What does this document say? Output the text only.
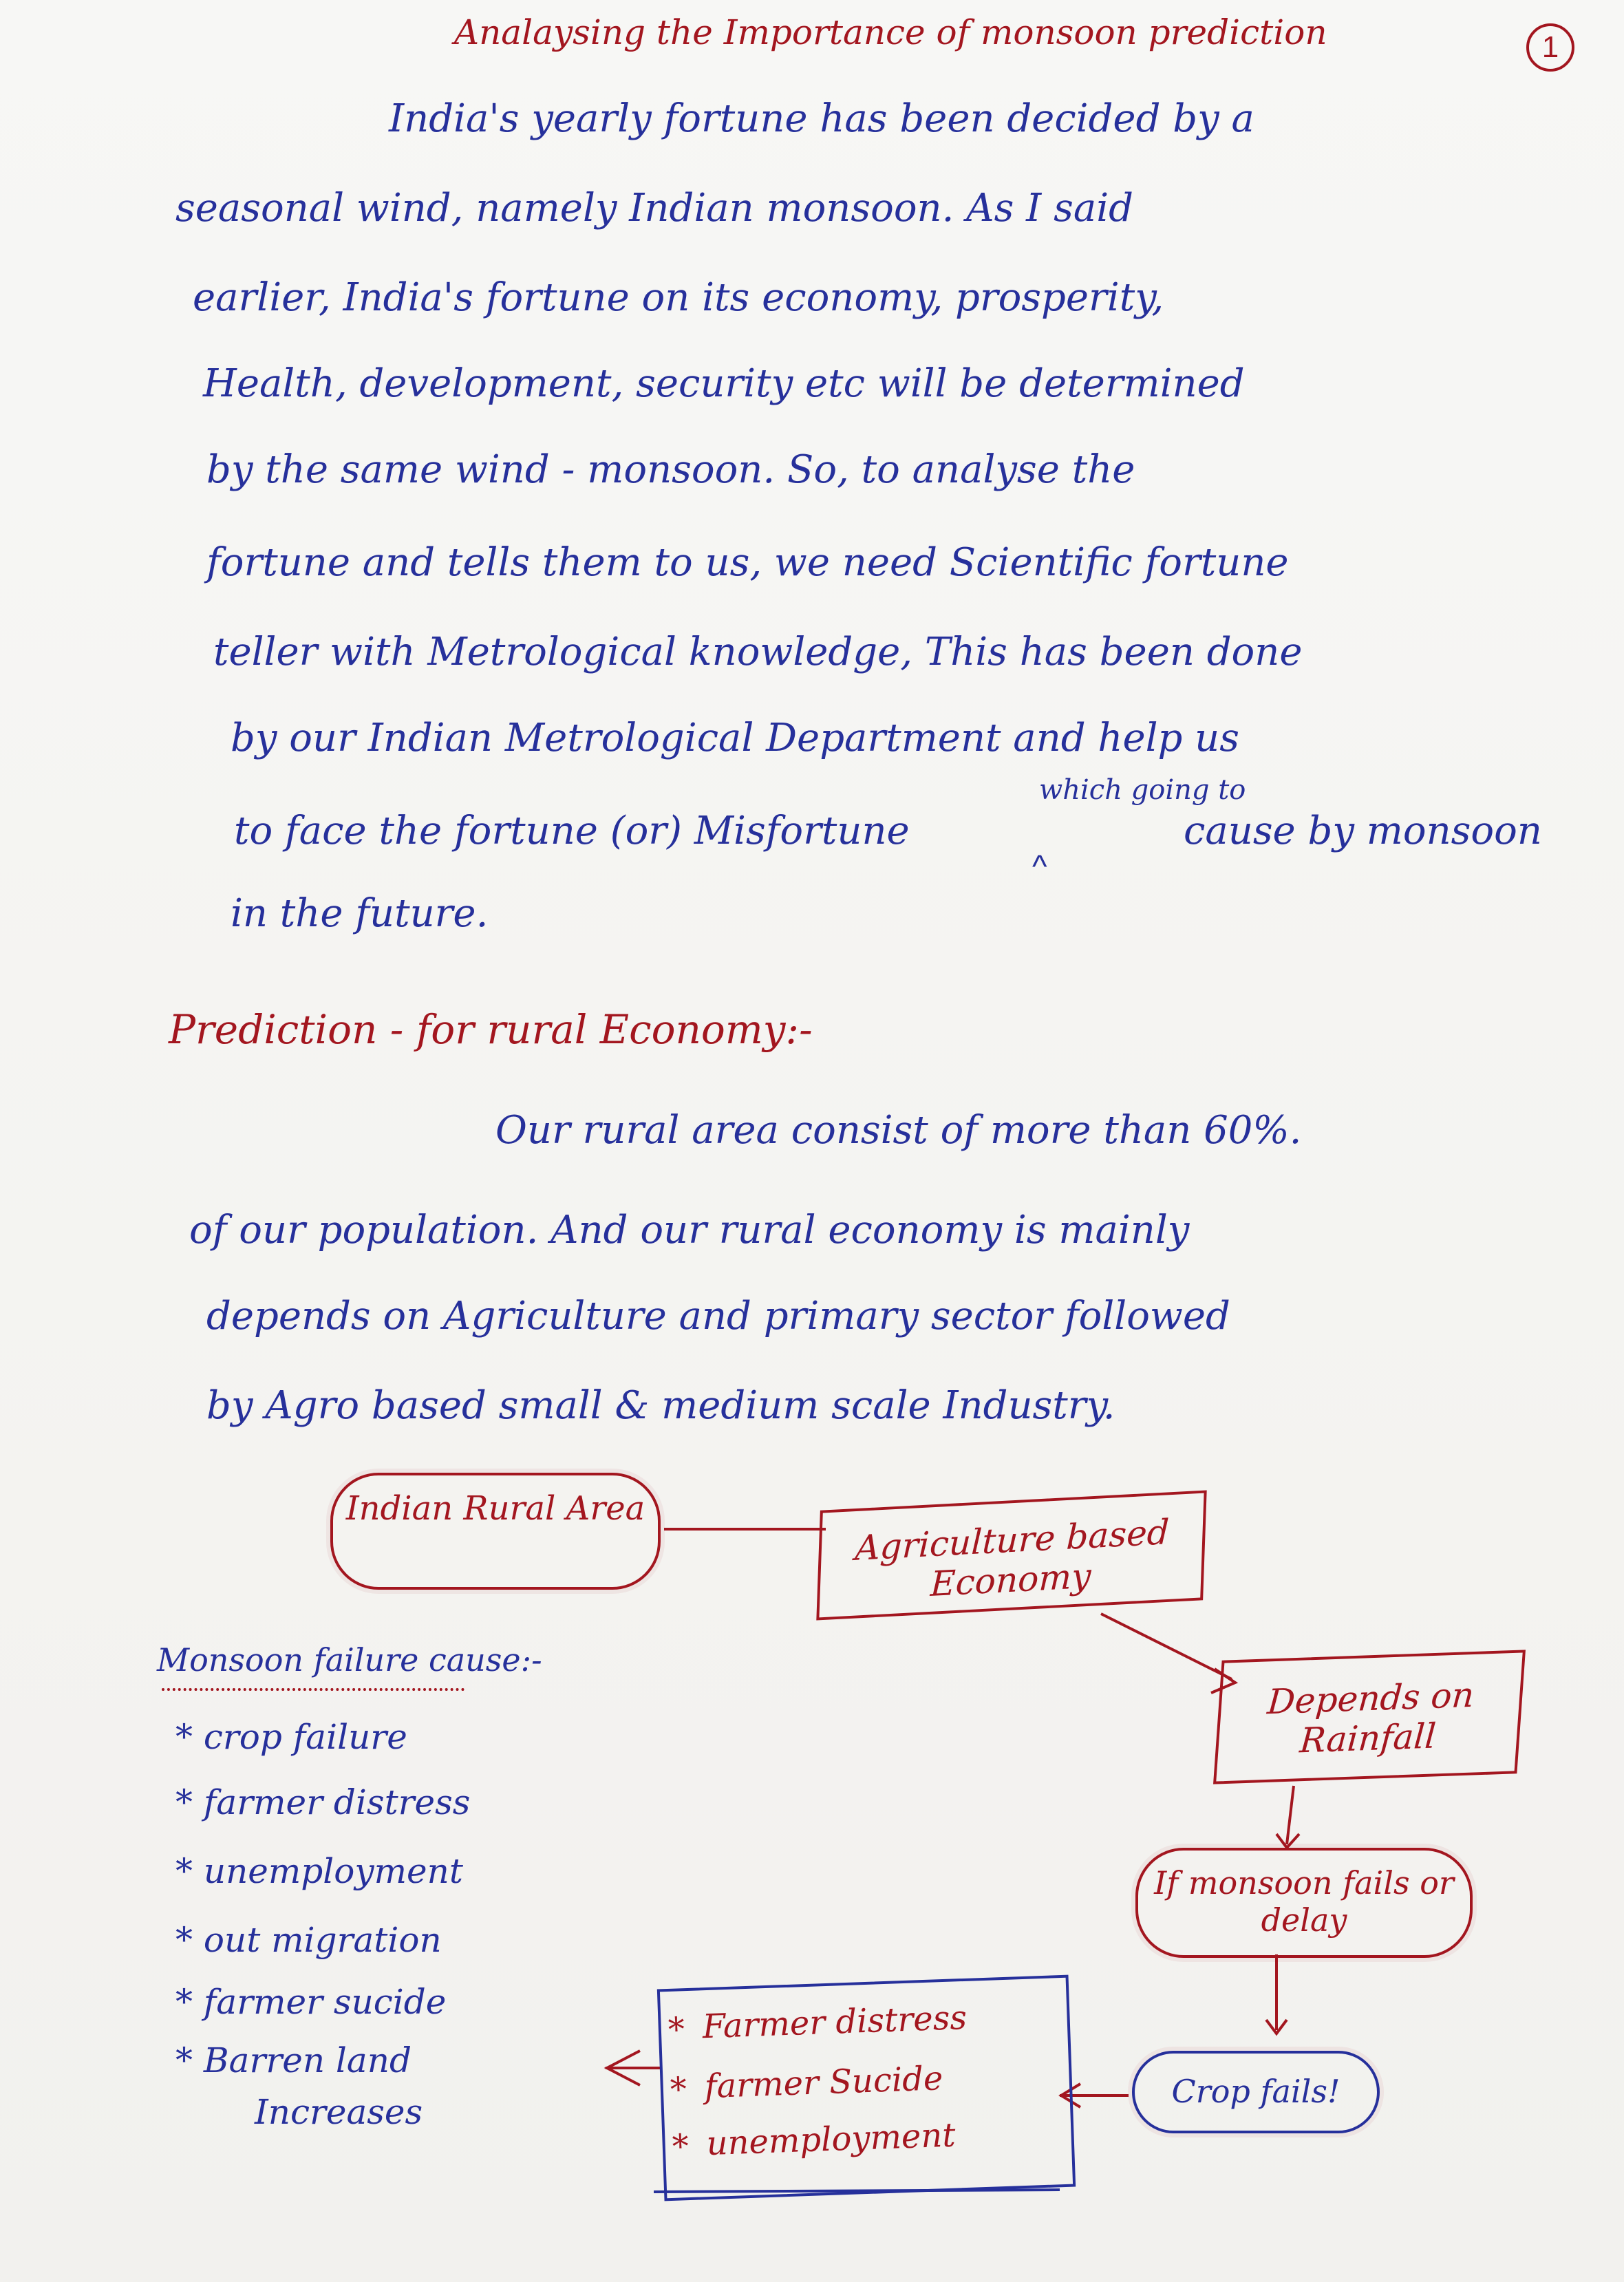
Analaysing the Importance of monsoon prediction	1
India's yearly fortune has been decided by a
seasonal wind, namely Indian monsoon. As I said
earlier, India's fortune on its economy, prosperity,
Health, development, security etc will be determined
by the same wind - monsoon. So, to analyse the
fortune and tells them to us, we need Scientific fortune
teller with Metrological knowledge, This has been done
by our Indian Metrological Department and help us
to face the fortune (or) Misfortune	cause by monsoon
which going to
^
in the future.
Prediction - for rural Economy:-
Our rural area consist of more than 60%.
of our population. And our rural economy is mainly
depends on Agriculture and primary sector followed
by Agro based small & medium scale Industry.
Indian Rural Area
Agriculture based Economy
Depends on Rainfall
If monsoon fails or delay
Crop fails!
* Farmer distress
* farmer Sucide
* unemployment
Monsoon failure cause:-
* crop failure
* farmer distress
* unemployment
* out migration
* farmer sucide
* Barren land
Increases
